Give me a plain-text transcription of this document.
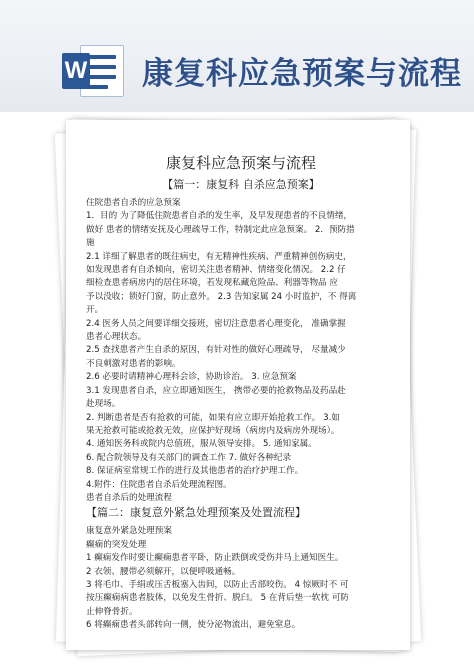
W 康复科应急预案与流程

康复科应急预案与流程

【篇一：康复科 自杀应急预案】

住院患者自杀的应急预案

1．目的 为了降低住院患者自杀的发生率，及早发现患者的不良情绪，

做好 患者的情绪安抚及心理疏导工作，特制定此应急预案。 2．预防措

施

2.1 详细了解患者的既往病史，有无精神性疾病、严重精神创伤病史，

如发现患者有自杀倾向，密切关注患者精神、情绪变化情况。 2.2 仔

细检查患者病房内的居住环境，若发现私藏危险品、利器等物品 应

予以没收；锁好门窗，防止意外。 2.3 告知家属 24 小时监护，不 得离

开。

2.4 医务人员之间要详细交接班，密切注意患者心理变化， 准确掌握

患者心理状态。

2.5 查找患者产生自杀的原因，有针对性的做好心理疏导， 尽量减少

不良刺激对患者的影响。

2.6 必要时请精神心理科会诊，协助诊治。 3. 应急预案

3.1 发现患者自杀，应立即通知医生， 携带必要的抢救物品及药品赴

赴现场。

2. 判断患者是否有抢救的可能，如果有应立即开始抢救工作。 3.如

果无抢救可能或抢救无效，应保护好现场（病房内及病房外现场）。

4. 通知医务科或院内总值班，服从领导安排。 5. 通知家属。

6. 配合院领导及有关部门的调查工作 7. 做好各种纪录

8. 保证病室常规工作的进行及其他患者的治疗护理工作。

4.附件：住院患者自杀后处理流程图。

患者自杀后的处理流程

【篇二：康复意外紧急处理预案及处置流程】

康复意外紧急处理预案

癫痫的突发处理

1 癫痫发作时要让癫痫患者平卧，防止跌倒或受伤并马上通知医生。

2 衣领、腰带必须解开，以便呼吸通畅。

3 将毛巾、手绢或压舌板塞入齿间，以防止舌部咬伤。 4 惊厥时不 可

按压癫痫病患者肢体，以免发生骨折、脱臼。 5 在背后垫一软枕 可防

止伸脊骨折。

6 将癫痫患者头部转向一侧，使分泌物流出，避免窒息。
